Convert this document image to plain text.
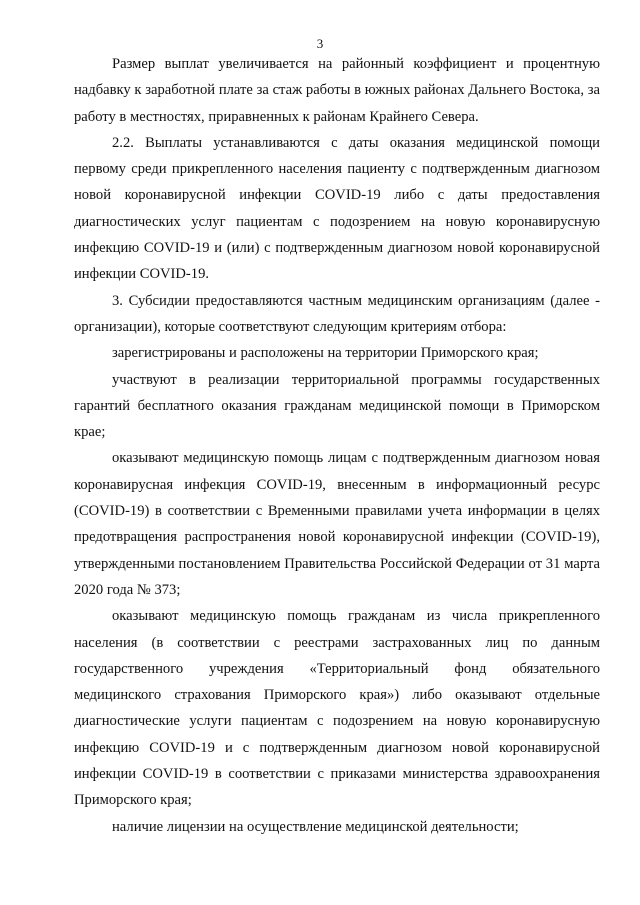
3

Размер выплат увеличивается на районный коэффициент и процентную надбавку к заработной плате за стаж работы в южных районах Дальнего Востока, за работу в местностях, приравненных к районам Крайнего Севера.

2.2. Выплаты устанавливаются с даты оказания медицинской помощи первому среди прикрепленного населения пациенту с подтвержденным диагнозом новой коронавирусной инфекции COVID-19 либо с даты предоставления диагностических услуг пациентам с подозрением на новую коронавирусную инфекцию COVID-19 и (или) с подтвержденным диагнозом новой коронавирусной инфекции COVID-19.

3. Субсидии предоставляются частным медицинским организациям (далее - организации), которые соответствуют следующим критериям отбора:

зарегистрированы и расположены на территории Приморского края;

участвуют в реализации территориальной программы государственных гарантий бесплатного оказания гражданам медицинской помощи в Приморском крае;

оказывают медицинскую помощь лицам с подтвержденным диагнозом новая коронавирусная инфекция COVID-19, внесенным в информационный ресурс (COVID-19) в соответствии с Временными правилами учета информации в целях предотвращения распространения новой коронавирусной инфекции (COVID-19), утвержденными постановлением Правительства Российской Федерации от 31 марта 2020 года № 373;

оказывают медицинскую помощь гражданам из числа прикрепленного населения (в соответствии с реестрами застрахованных лиц по данным государственного учреждения «Территориальный фонд обязательного медицинского страхования Приморского края») либо оказывают отдельные диагностические услуги пациентам с подозрением на новую коронавирусную инфекцию COVID-19 и с подтвержденным диагнозом новой коронавирусной инфекции COVID-19 в соответствии с приказами министерства здравоохранения Приморского края;

наличие лицензии на осуществление медицинской деятельности;
